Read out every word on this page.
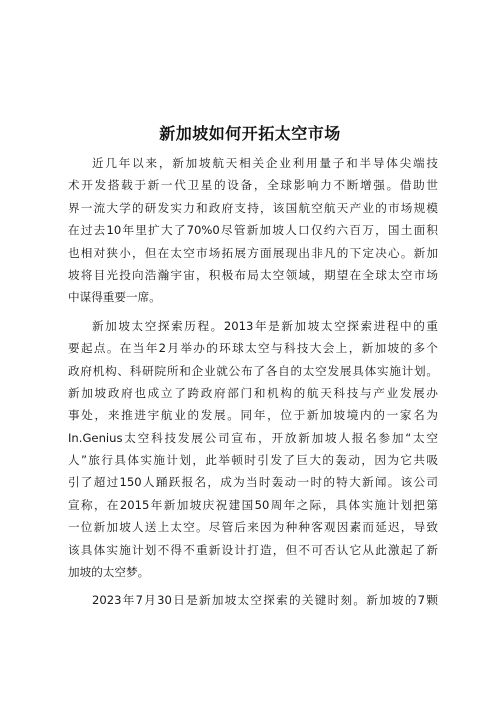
新加坡如何开拓太空市场
近几年以来，新加坡航天相关企业利用量子和半导体尖端技
术开发搭载于新一代卫星的设备，全球影响力不断增强。借助世
界一流大学的研发实力和政府支持，该国航空航天产业的市场规模
在过去10年里扩大了70%0尽管新加坡人口仅约六百万，国土面积
也相对狭小，但在太空市场拓展方面展现出非凡的下定决心。新加
坡将目光投向浩瀚宇宙，积极布局太空领域，期望在全球太空市场
中谋得重要一席。
新加坡太空探索历程。2013年是新加坡太空探索进程中的重
要起点。在当年2月举办的环球太空与科技大会上，新加坡的多个
政府机构、科研院所和企业就公布了各自的太空发展具体实施计划。
新加坡政府也成立了跨政府部门和机构的航天科技与产业发展办
事处，来推进宇航业的发展。同年，位于新加坡境内的一家名为
In.Genius太空科技发展公司宣布，开放新加坡人报名参加“太空
人”旅行具体实施计划，此举顿时引发了巨大的轰动，因为它共吸
引了超过150人踊跃报名，成为当时轰动一时的特大新闻。该公司
宣称，在2015年新加坡庆祝建国50周年之际，具体实施计划把第
一位新加坡人送上太空。尽管后来因为种种客观因素而延迟，导致
该具体实施计划不得不重新设计打造，但不可否认它从此激起了新
加坡的太空梦。
2023年7月30日是新加坡太空探索的关键时刻。新加坡的7颗
